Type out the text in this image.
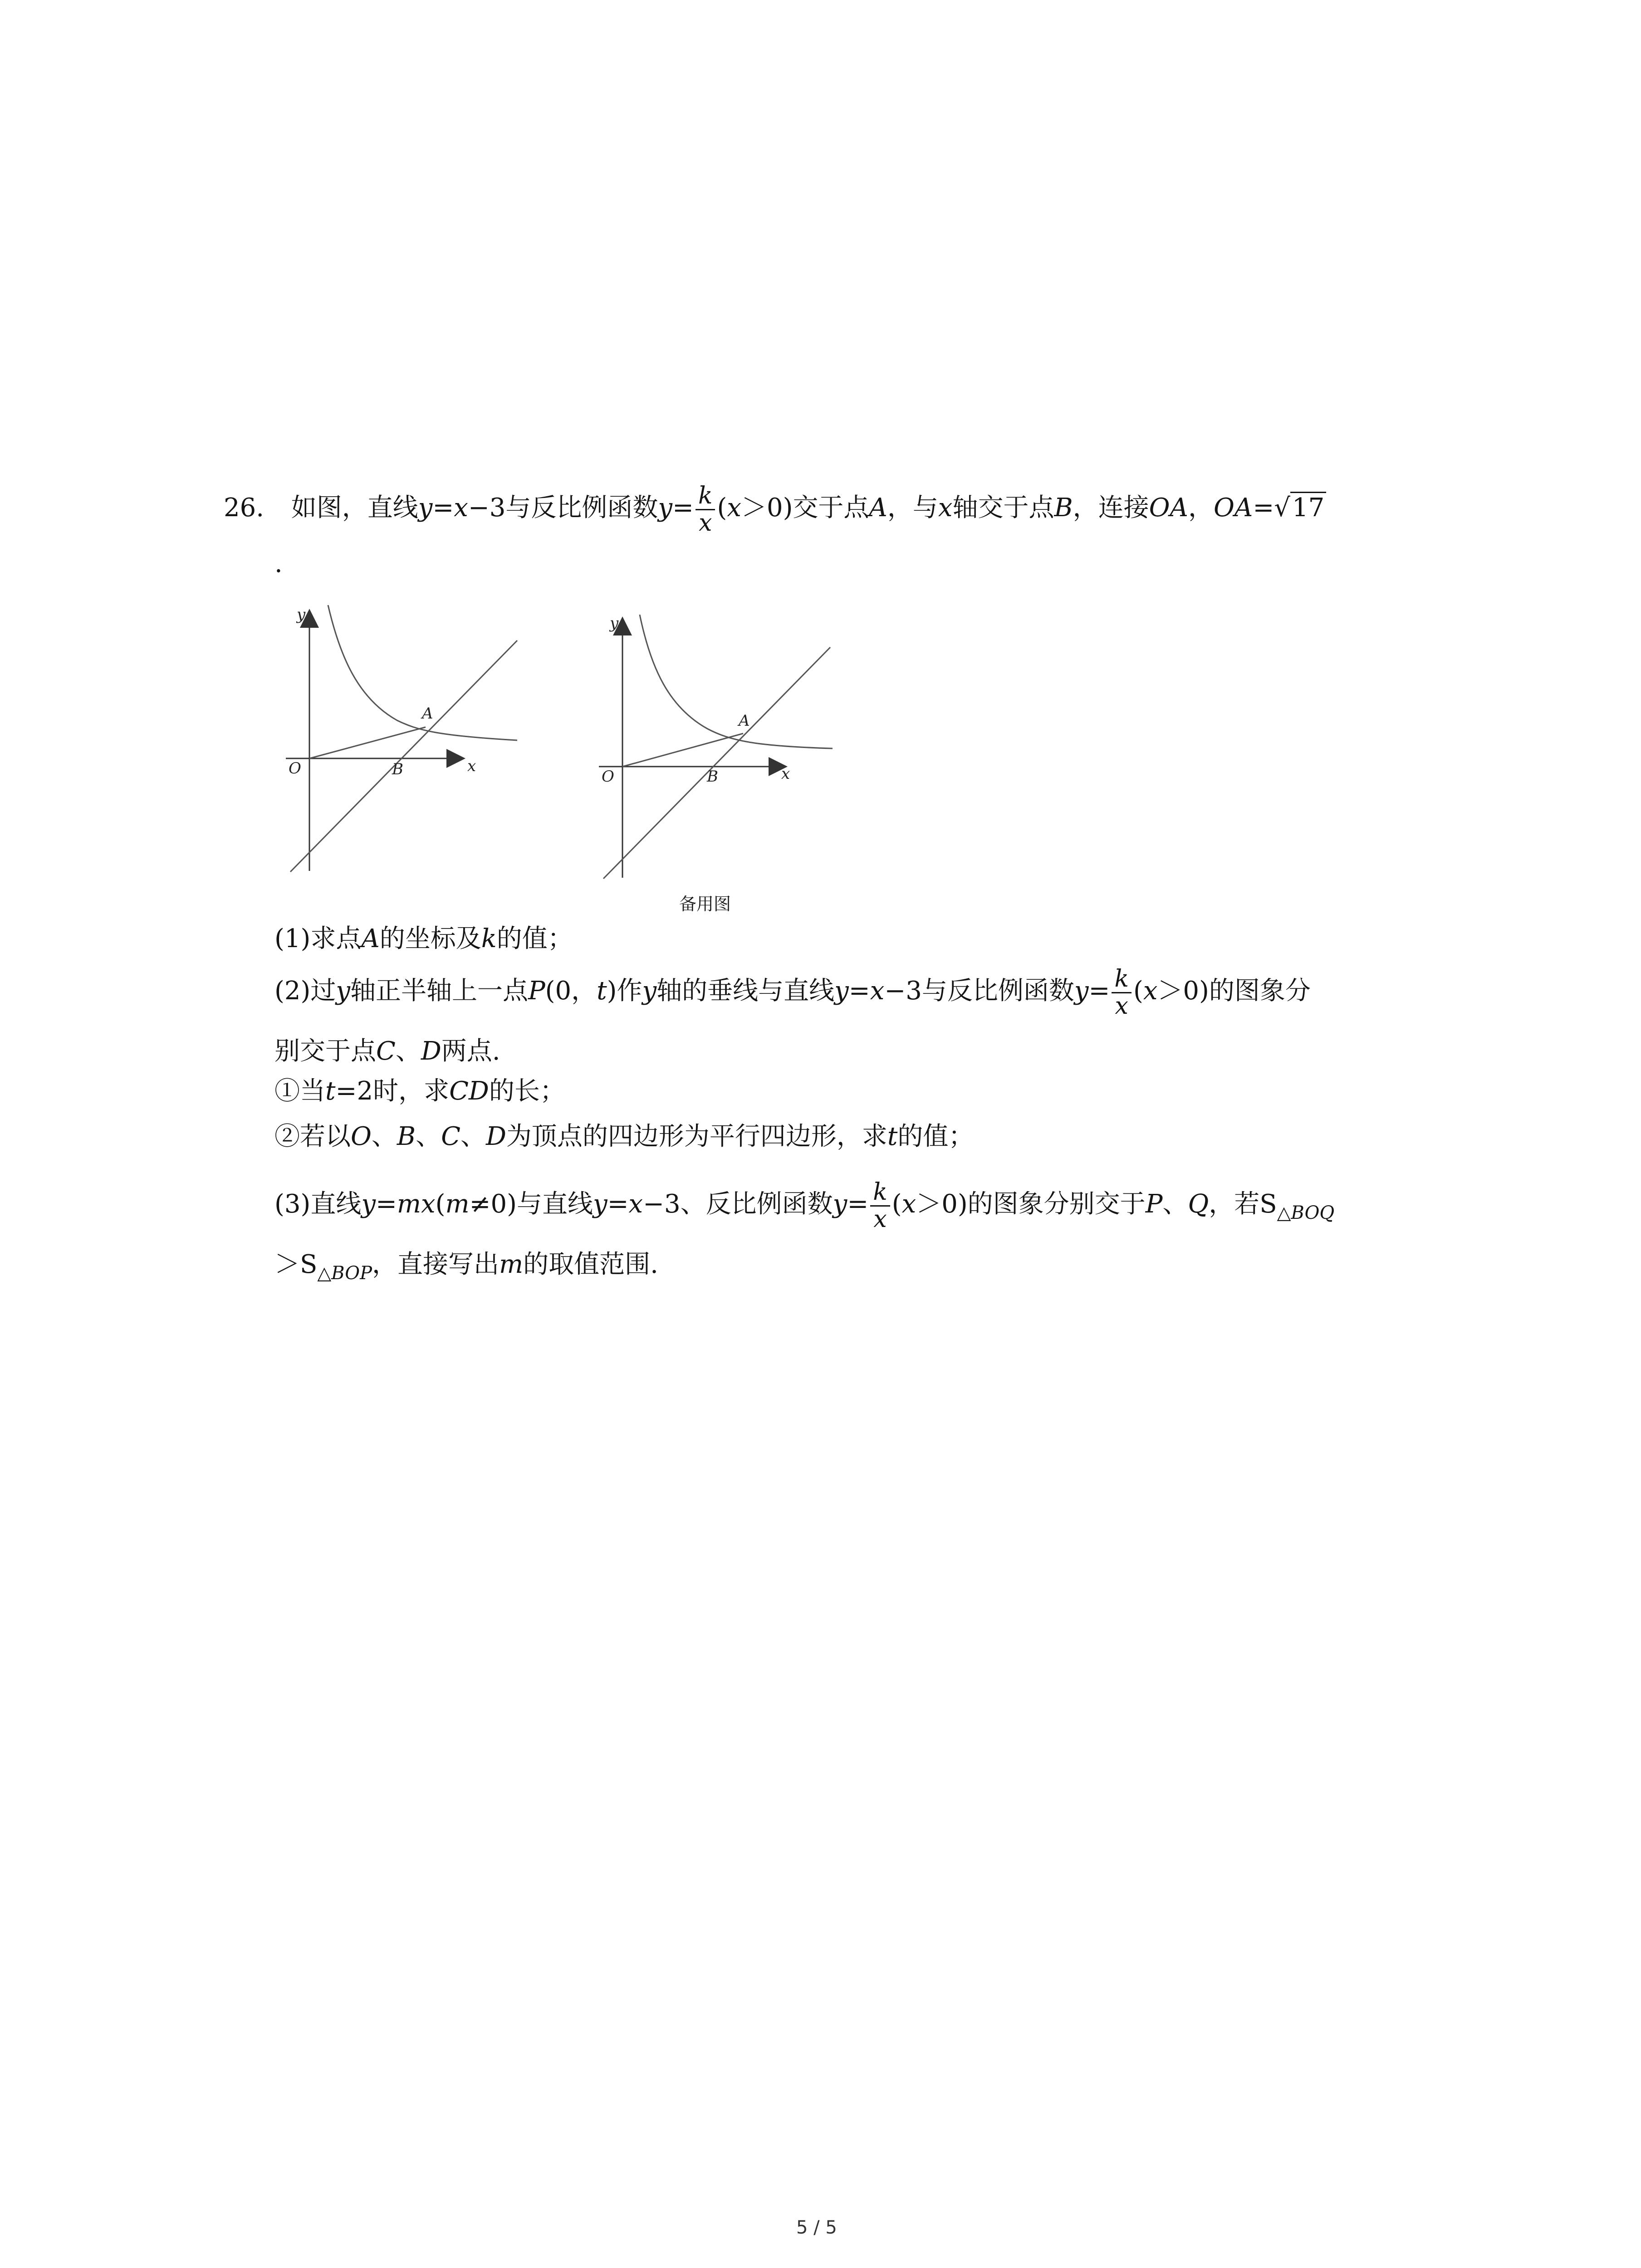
26. 如图，直线y=x−3与反比例函数$y= \frac{k}{x} (x>0)$交于点A，与x轴交于点B，连接OA，OA=√17
.
y
x
O	B
A
y
x
O	B
A
备用图
(1)求点A的坐标及k的值；
(2)过y轴正半轴上一点P(0，t)作y轴的垂线与直线y=x−3与反比例函数$y= \frac{k}{x} (x>0)$的图象分
别交于点C、D两点.
①当t=2时，求CD的长；
②若以O、B、C、D为顶点的四边形为平行四边形，求t的值；
(3)直线y=mx(m≠0)与直线y=x−3、反比例函数$y= \frac{k}{x} (x>0)$的图象分别交于P、Q，若$S_{\triangle BOQ}$
$>S_{\triangle BOP}$，直接写出m的取值范围.
5 / 5
